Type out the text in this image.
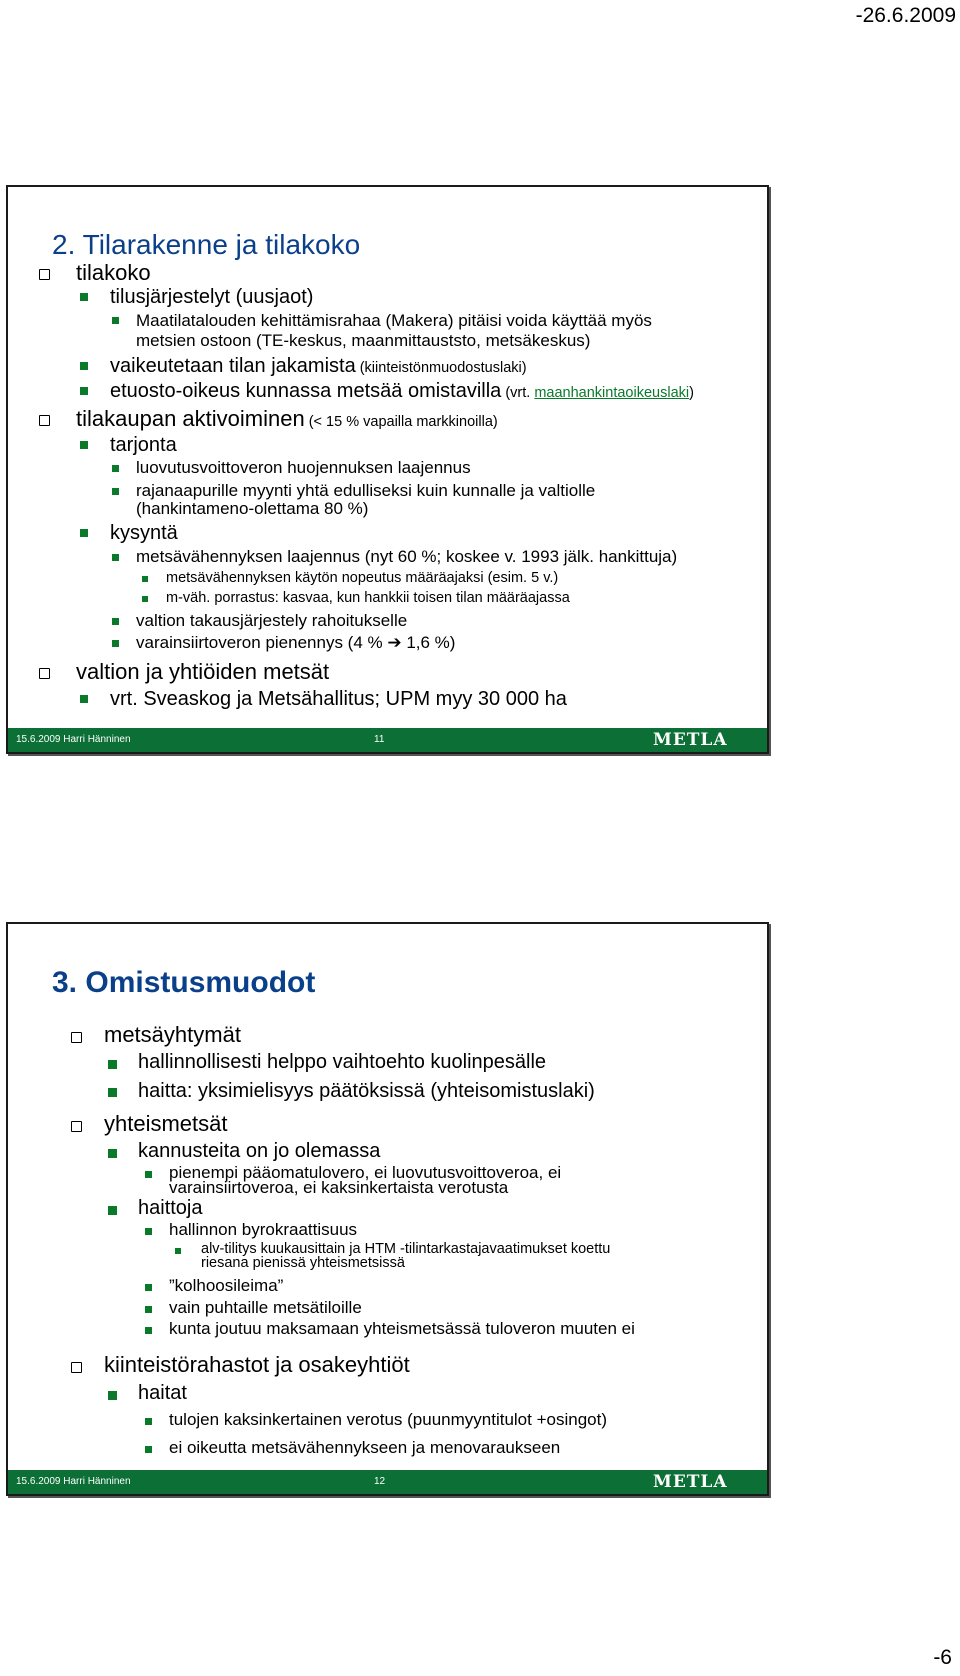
-26.6.2009
2. Tilarakenne ja tilakoko
tilakoko
tilusjärjestelyt (uusjaot)
Maatilatalouden kehittämisrahaa (Makera) pitäisi voida käyttää myös
metsien ostoon (TE-keskus, maanmittauststo, metsäkeskus)
vaikeutetaan tilan jakamista (kiinteistönmuodostuslaki)
etuosto-oikeus kunnassa metsää omistavilla (vrt. maanhankintaoikeuslaki)
tilakaupan aktivoiminen (< 15 % vapailla markkinoilla)
tarjonta
luovutusvoittoveron huojennuksen laajennus
rajanaapurille myynti yhtä edulliseksi kuin kunnalle ja valtiolle
(hankintameno-olettama 80 %)
kysyntä
metsävähennyksen laajennus (nyt 60 %; koskee v. 1993 jälk. hankittuja)
metsävähennyksen käytön nopeutus määräajaksi (esim. 5 v.)
m-väh. porrastus: kasvaa, kun hankkii toisen tilan määräajassa
valtion takausjärjestely rahoitukselle
varainsiirtoveron pienennys (4 % ➔ 1,6 %)
valtion ja yhtiöiden metsät
vrt. Sveaskog ja Metsähallitus; UPM myy 30 000 ha
15.6.2009 Harri Hänninen	11	METLA
3. Omistusmuodot
metsäyhtymät
hallinnollisesti helppo vaihtoehto kuolinpesälle
haitta: yksimielisyys päätöksissä (yhteisomistuslaki)
yhteismetsät
kannusteita on jo olemassa
pienempi pääomatulovero, ei luovutusvoittoveroa, ei
varainsiirtoveroa, ei kaksinkertaista verotusta
haittoja
hallinnon byrokraattisuus
alv-tilitys kuukausittain ja HTM -tilintarkastajavaatimukset koettu
riesana pienissä yhteismetsissä
”kolhoosileima”
vain puhtaille metsätiloille
kunta joutuu maksamaan yhteismetsässä tuloveron muuten ei
kiinteistörahastot ja osakeyhtiöt
haitat
tulojen kaksinkertainen verotus (puunmyyntitulot +osingot)
ei oikeutta metsävähennykseen ja menovaraukseen
15.6.2009 Harri Hänninen	12	METLA
-6
